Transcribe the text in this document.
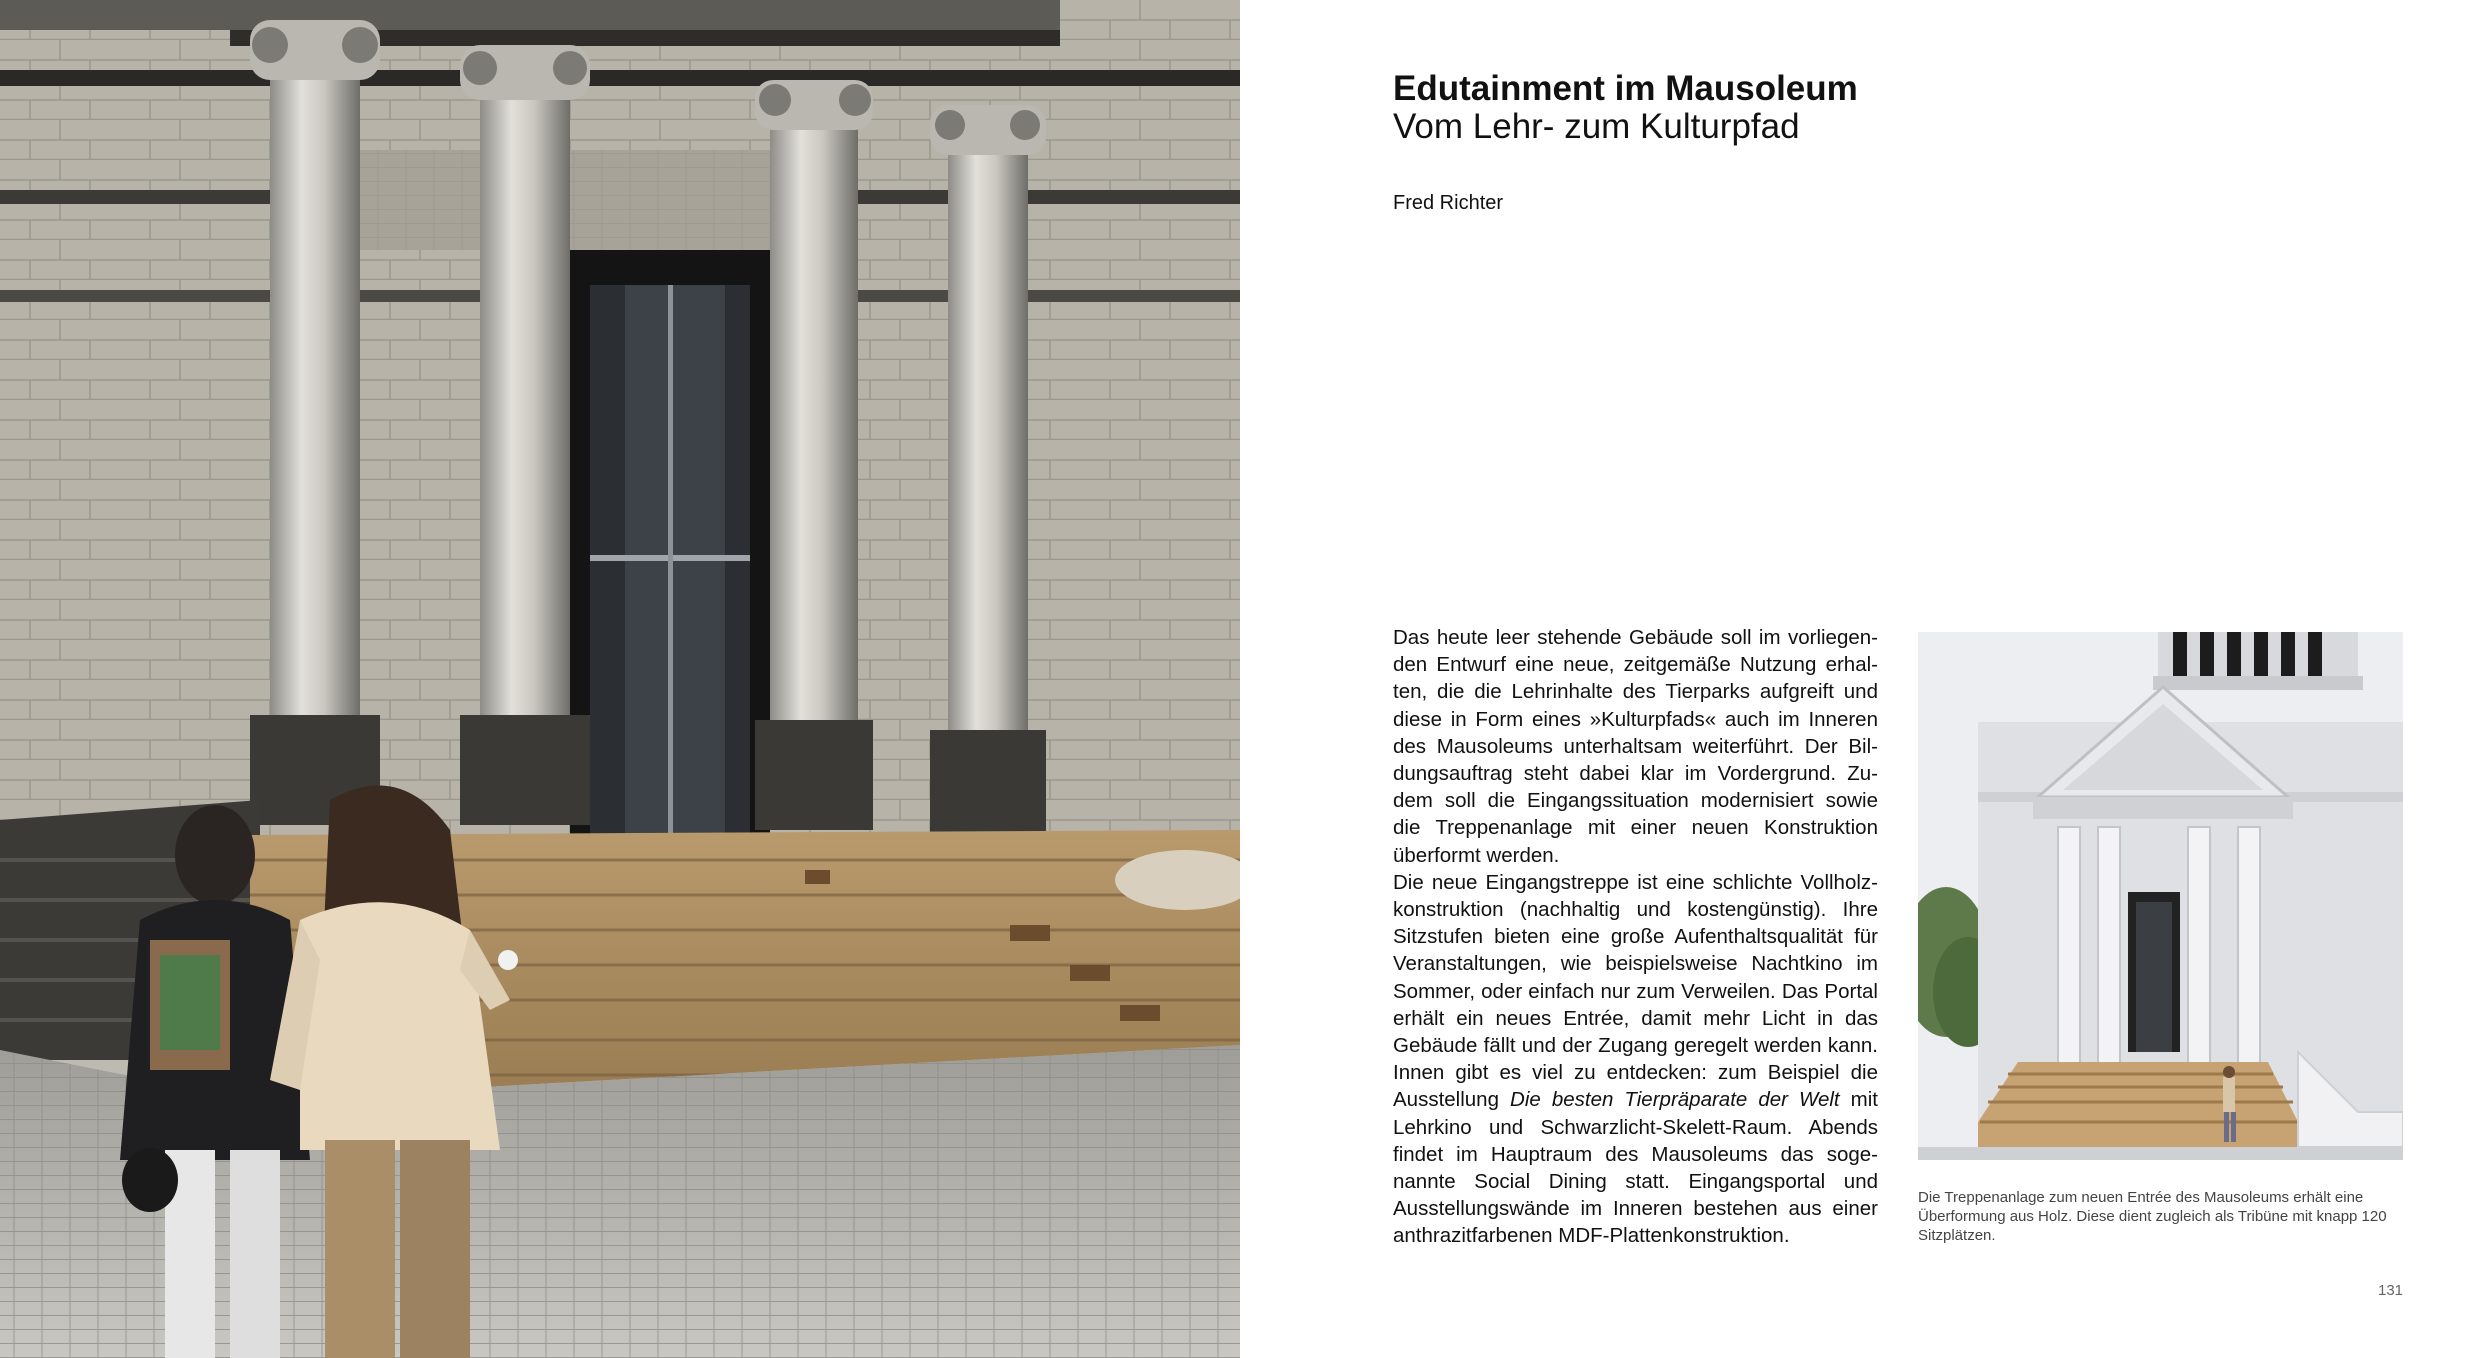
Edutainment im Mausoleum
Vom Lehr- zum Kulturpfad

Fred Richter

Das heute leer stehende Gebäude soll im vorliegenden Entwurf eine neue, zeitgemäße Nutzung erhalten, die die Lehrinhalte des Tierparks aufgreift und diese in Form eines »Kulturpfads« auch im Inneren des Mausoleums unterhaltsam weiterführt. Der Bildungsauftrag steht dabei klar im Vordergrund. Zudem soll die Eingangssituation modernisiert sowie die Treppenanlage mit einer neuen Konstruktion überformt werden.

Die neue Eingangstreppe ist eine schlichte Vollholzkonstruktion (nachhaltig und kostengünstig). Ihre Sitzstufen bieten eine große Aufenthaltsqualität für Veranstaltungen, wie beispielsweise Nachtkino im Sommer, oder einfach nur zum Verweilen. Das Portal erhält ein neues Entrée, damit mehr Licht in das Gebäude fällt und der Zugang geregelt werden kann. Innen gibt es viel zu entdecken: zum Beispiel die Ausstellung Die besten Tierpräparate der Welt mit Lehrkino und Schwarzlicht-Skelett-Raum. Abends findet im Hauptraum des Mausoleums das sogenannte Social Dining statt. Eingangsportal und Ausstellungswände im Inneren bestehen aus einer anthrazitfarbenen MDF-Plattenkonstruktion.

Die Treppenanlage zum neuen Entrée des Mausoleums erhält eine Überformung aus Holz. Diese dient zugleich als Tribüne mit knapp 120 Sitzplätzen.

131
